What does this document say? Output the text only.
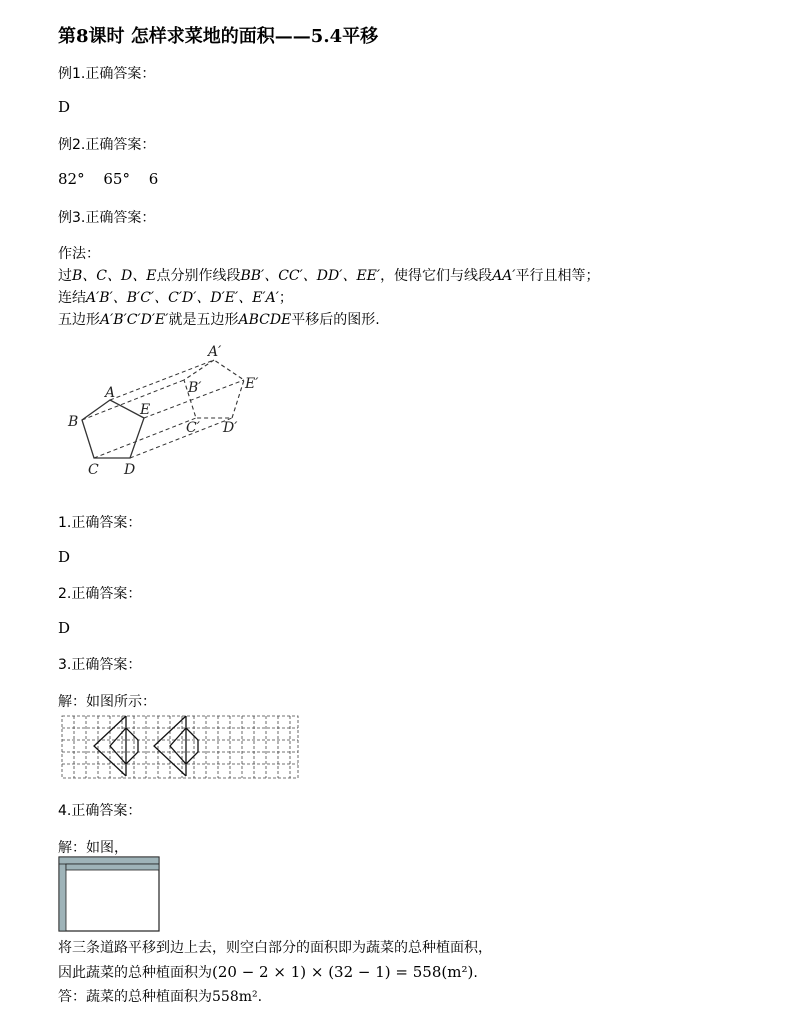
第8课时 怎样求菜地的面积——5.4平移
例1.正确答案：
D
例2.正确答案：
82° 65° 6
例3.正确答案：
作法：
过B、C、D、E点分别作线段BB′、CC′、DD′、EE′，使得它们与线段AA′平行且相等；
连结A′B′、B′C′、C′D′、D′E′、E′A′；
五边形A′B′C′D′E′就是五边形ABCDE平移后的图形.
A
B
C D
E
A′
B′
C′ D′
E′
1.正确答案：
D
2.正确答案：
D
3.正确答案：
解：如图所示：
4.正确答案：
解：如图，
将三条道路平移到边上去，则空白部分的面积即为蔬菜的总种植面积，
因此蔬菜的总种植面积为(20 − 2 × 1) × (32 − 1) = 558(m²).
答：蔬菜的总种植面积为558m².
